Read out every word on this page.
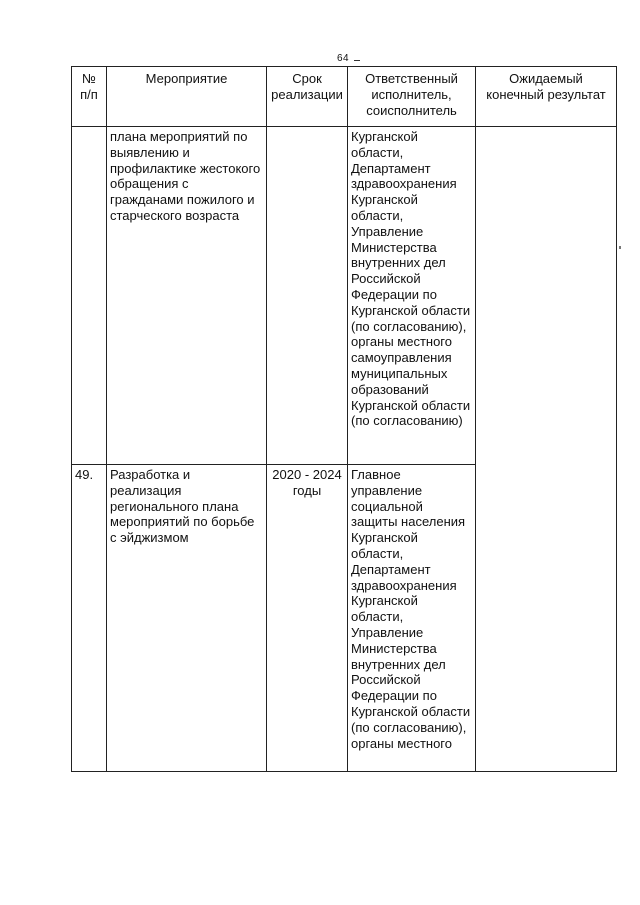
64
№ п/п	Мероприятие	Срок реализации	Ответственный исполнитель, соисполнитель	Ожидаемый конечный результат
	плана мероприятий по выявлению и профилактике жестокого обращения с гражданами пожилого и старческого возраста		Курганской области, Департамент здравоохранения Курганской области, Управление Министерства внутренних дел Российской Федерации по Курганской области (по согласованию), органы местного самоуправления муниципальных образований Курганской области (по согласованию)	
49.	Разработка и реализация регионального плана мероприятий по борьбе с эйджизмом	2020 - 2024 годы	Главное управление социальной защиты населения Курганской области, Департамент здравоохранения Курганской области, Управление Министерства внутренних дел Российской Федерации по Курганской области (по согласованию), органы местного	
